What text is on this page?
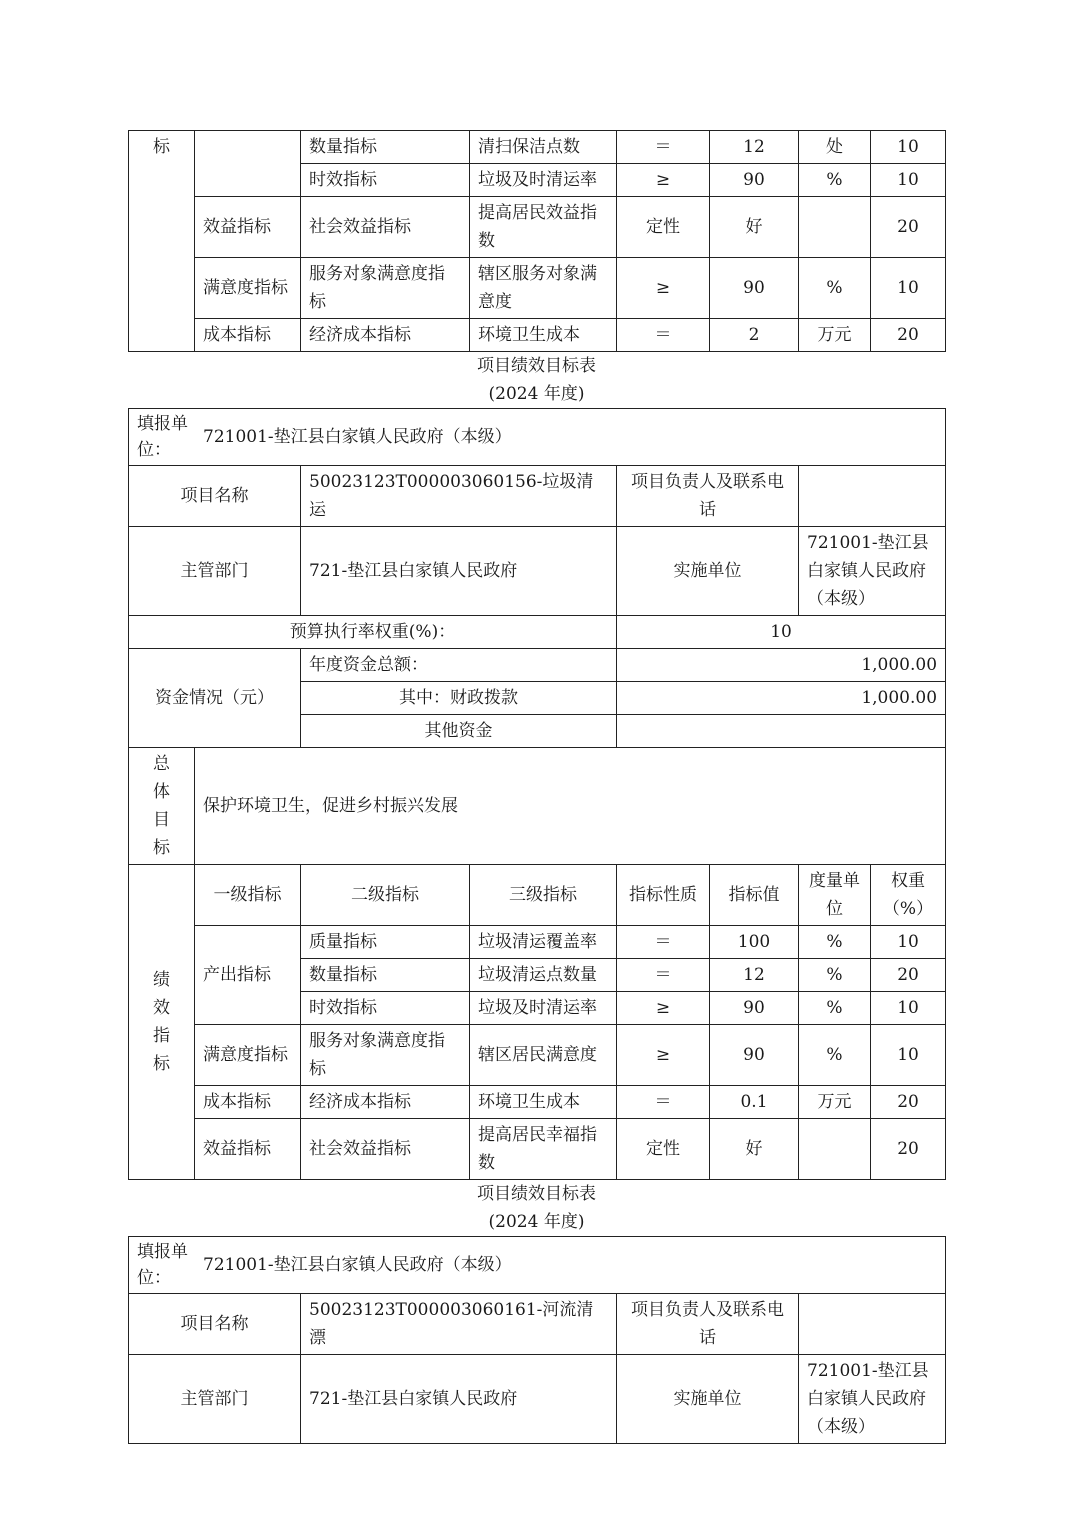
标		数量指标	清扫保洁点数	＝	12	处	10
		时效指标	垃圾及时清运率	≥	90	%	10
	效益指标	社会效益指标	提高居民效益指数	定性	好		20
	满意度指标	服务对象满意度指标	辖区服务对象满意度	≥	90	%	10
	成本指标	经济成本指标	环境卫生成本	＝	2	万元	20
项目绩效目标表
(2024 年度)
填报单位：
721001-垫江县白家镇人民政府（本级）							

项目名称		50023123T000003060156-垃圾清运		项目负责人及联系电话			
主管部门		721-垫江县白家镇人民政府		实施单位		721001-垫江县白家镇人民政府（本级）	
预算执行率权重(%)：				10			
资金情况（元）		年度资金总额：		1,000.00			
		其中：财政拨款		1,000.00			
		其他资金					

总
体
目
标	保护环境卫生，促进乡村振兴发展						

绩
效
指
标	一级指标	二级指标	三级指标	指标性质	指标值	度量单位	权重（%）
	产出指标	质量指标	垃圾清运覆盖率	＝	100	%	10
		数量指标	垃圾清运点数量	＝	12	%	20
		时效指标	垃圾及时清运率	≥	90	%	10
	满意度指标	服务对象满意度指标	辖区居民满意度	≥	90	%	10
	成本指标	经济成本指标	环境卫生成本	＝	0.1	万元	20
	效益指标	社会效益指标	提高居民幸福指数	定性	好		20
项目绩效目标表
(2024 年度)
填报单位：
721001-垫江县白家镇人民政府（本级）			

项目名称	50023123T000003060161-河流清漂	项目负责人及联系电话	
主管部门	721-垫江县白家镇人民政府	实施单位	721001-垫江县白家镇人民政府（本级）
